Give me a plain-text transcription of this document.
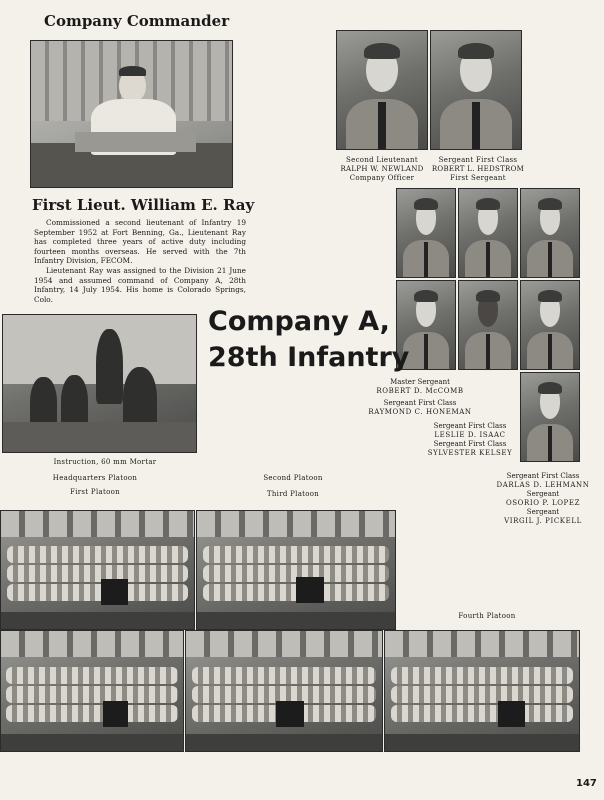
Company Commander
Second Lieutenant
RALPH W. NEWLAND
Company Officer
Sergeant First Class
ROBERT L. HEDSTROM
First Sergeant
First Lieut. William E. Ray

Commissioned a second lieutenant of Infantry 19 September 1952 at Fort Benning, Ga., Lieutenant Ray has completed three years of active duty including fourteen months overseas. He served with the 7th Infantry Division, FECOM.

Lieutenant Ray was assigned to the Division 21 June 1954 and assumed command of Company A, 28th Infantry, 14 July 1954. His home is Colorado Springs, Colo.

Company A,
28th Infantry
Instruction, 60 mm Mortar
Master Sergeant
ROBERT D. McCOMB
Sergeant First Class
RAYMOND C. HONEMAN
Sergeant First Class
LESLIE D. ISAAC
Sergeant First Class
SYLVESTER KELSEY
Sergeant First Class
DARLAS D. LEHMANN
Sergeant
OSORIO P. LOPEZ
Sergeant
VIRGIL J. PICKELL
Headquarters Platoon
First Platoon
Second Platoon
Third Platoon
Fourth Platoon
147
